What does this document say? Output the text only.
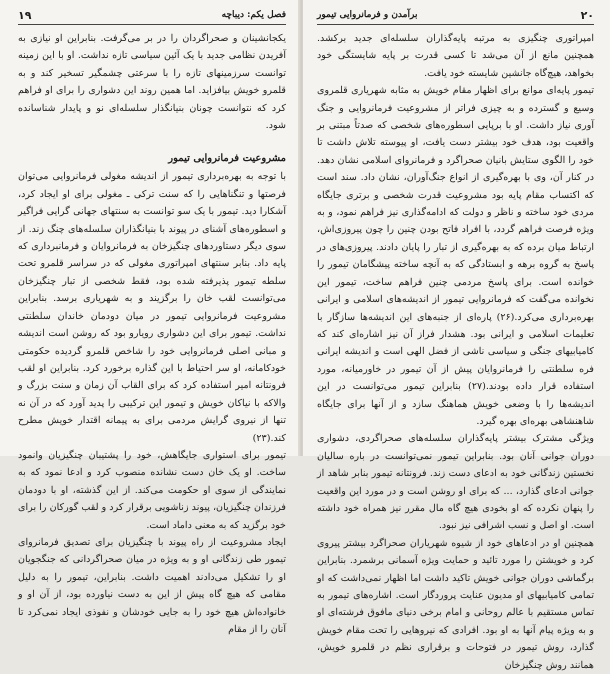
فصل یکم: دیباچه
۱۹

یکجانشینان و صحراگردان را در بر می‌گرفت. بنابراین او نیازی به آفریدن نظامی جدید با یک آئین سیاسی تازه نداشت. او با این زمینه توانست سرزمینهای تازه را با سرعتی چشمگیر تسخیر کند و به قلمرو خویش بیافزاید. اما همین روند این دشواری را برای او فراهم کرد که نتوانست چونان بنیانگذار سلسله‌ای نو و پایدار شناسانده شود.

مشروعیت فرمانروایی تیمور

با توجه به بهره‌برداری تیمور از اندیشه مغولی فرمانروایی می‌توان فرصتها و تنگناهایی را که سنت ترکی ـ مغولی برای او ایجاد کرد، آشکارا دید. تیمور با یک سو توانست به سنتهای جهانی گرایی فراگیر و اسطوره‌های آشنای در پیوند با بنیانگذاران سلسله‌های چنگ زند. از سوی دیگر دستاوردهای چنگیزخان به فرمانروایان و فرمانبرداری که پایه داد. بنابر سنتهای امپراتوری مغولی که در سراسر قلمرو تحت سلطه تیمور پذیرفته شده بود، فقط شخصی از تبار چنگیزخان می‌توانست لقب خان را برگزیند و به شهریاری برسد. بنابراین مشروعیت فرمانروایی تیمور در میان دودمان خاندان سلطنتی نداشت. تیمور برای این دشواری رویارو بود که روشن است اندیشه و مبانی اصلی فرمانروایی خود را شاخص قلمرو گردیده حکومتی خودکامانه، او سر احتیاط با این گذاره برخورد کرد. بنابراین او لقب فرونتانه امیر استفاده کرد که برای القاب آن زمان و سنت بزرگ و والاکه با نیاکان خویش و تیمور این ترکیبی را پدید آورد که در آن نه تنها از نیروی گرایش مردمی برای به پیمانه اقتدار خویش مطرح کند.(۲۳)

تیمور برای استواری جایگاهش، خود را پشتیبان چنگیزیان وانمود ساخت. او یک خان دست نشانده منصوب کرد و ادعا نمود که به نمایندگی از سوی او حکومت می‌کند. از این گذشته، او با دودمان فرزندان چنگیزیان، پیوند زناشویی برقرار کرد و لقب گورکان را برای خود برگزید که به معنی داماد است.

ایجاد مشروعیت از راه پیوند با چنگیزیان برای تصدیق فرمانروای تیمور طی زندگانی او و به ویژه در میان صحراگردانی که جنگجویان او را تشکیل می‌دادند اهمیت داشت. بنابراین، تیمور را به دلیل مقامی که هیچ گاه پیش از این به دست نیاورده بود، از آن او و خانواده‌اش هیچ خود را به جایی خودشان و نفوذی ایجاد نمی‌کرد تا آنان را از مقام

۲۰
برآمدن و فرمانروایی تیمور

امپراتوری چنگیزی به مرتبه پایه‌گذاران سلسله‌ای جدید برکشد. همچنین مانع از آن می‌شد تا کسی قدرت بر پایه شایستگی خود بخواهد، هیچ‌گاه جانشین شایسته خود یافت.

تیمور پایه‌ای موانع برای اظهار مقام خویش به مثابه شهریاری قلمروی وسیع و گسترده و به چیزی فراتر از مشروعیت فرمانروایی و جنگ آوری نیاز داشت. او با برپایی اسطوره‌های شخصی که صدتاً مبتنی بر واقعیت بود، هدف خود بیشتر دست یافت، او پیوسته تلاش داشت تا خود را الگوی ستایش بانیان صحراگرد و فرمانروای اسلامی نشان دهد. در کنار آن، وی با بهره‌گیری از انواع جنگ‌آوران، نشان داد. سند است که اکتساب مقام پایه بود مشروعیت قدرت شخصی و برتری جایگاه مردی خود ساخته و ناظر و دولت که ادامه‌گذاری نیز فراهم نمود، و به ویژه فرصت فراهم گردد، با افراد فاتح بودن چنین را چون پیروزی‌اش، ارتباط میان برده که به بهره‌گیری از تبار را پایان دادند. پیروزی‌های در پاسخ به گروه برهه و ابستادگی که به آنچه ساخته پیشگامان تیمور را خوانده است. برای پاسخ مردمی چنین فراهم ساخت، تیمور این نخوانده می‌گفت که فرمانروایی تیمور از اندیشه‌های اسلامی و ایرانی بهره‌برداری می‌کرد.(۲۶) پاره‌ای از جنبه‌های این اندیشه‌ها سازگار با تعلیمات اسلامی و ایرانی بود. هشدار فراز آن نیز اشاره‌ای کند که کامیابیهای جنگی و سیاسی ناشی از فضل الهی است و اندیشه ایرانی فره سلطنتی را فرمانروایان پیش از آن تیمور در خاورمیانه، مورد استفاده قرار داده بودند.(۲۷) بنابراین تیمور می‌توانست در این اندیشه‌ها را با وضعی خویش هماهنگ سازد و از آنها برای جایگاه شاهنشاهی بهره‌ای بهره گیرد.

ویژگی مشترک بیشتر پایه‌گذاران سلسله‌های صحراگردی، دشواری دوران جوانی آنان بود. بنابراین تیمور نمی‌توانست در باره سالیان نخستین زندگانی خود به ادعای دست زند. فرونتانه تیمور بنابر شاهد از جوانی ادعای گذارد، ... که برای او روشن است و در مورد این واقعیت را پنهان نکرده که او بخودی هیچ گاه مال مقرر نیز همراه خود داشته است. او اصل و نسب اشرافی نیز نبود.

همچنین او در ادعاهای خود از شیوه شهریاران صحراگرد بیشتر پیروی کرد و خویشتن را مورد تائید و حمایت ویژه آسمانی برشمرد. بنابراین برگماشی دوران جوانی خویش تاکید داشت اما اظهار نمی‌داشت که او تمامی کامیابیهای او مدیون عنایت پروردگار است. اشاره‌های تیمور به تماس مستقیم با عالم روحانی و امام برخی دنیای مافوق فرشته‌ای او و به ویژه پیام آنها به او بود. افرادی که نیروهایی را تحت مقام خویش گذارد، روش تیمور در فتوحات و برقراری نظم در قلمرو خویش، همانند روش چنگیزخان
